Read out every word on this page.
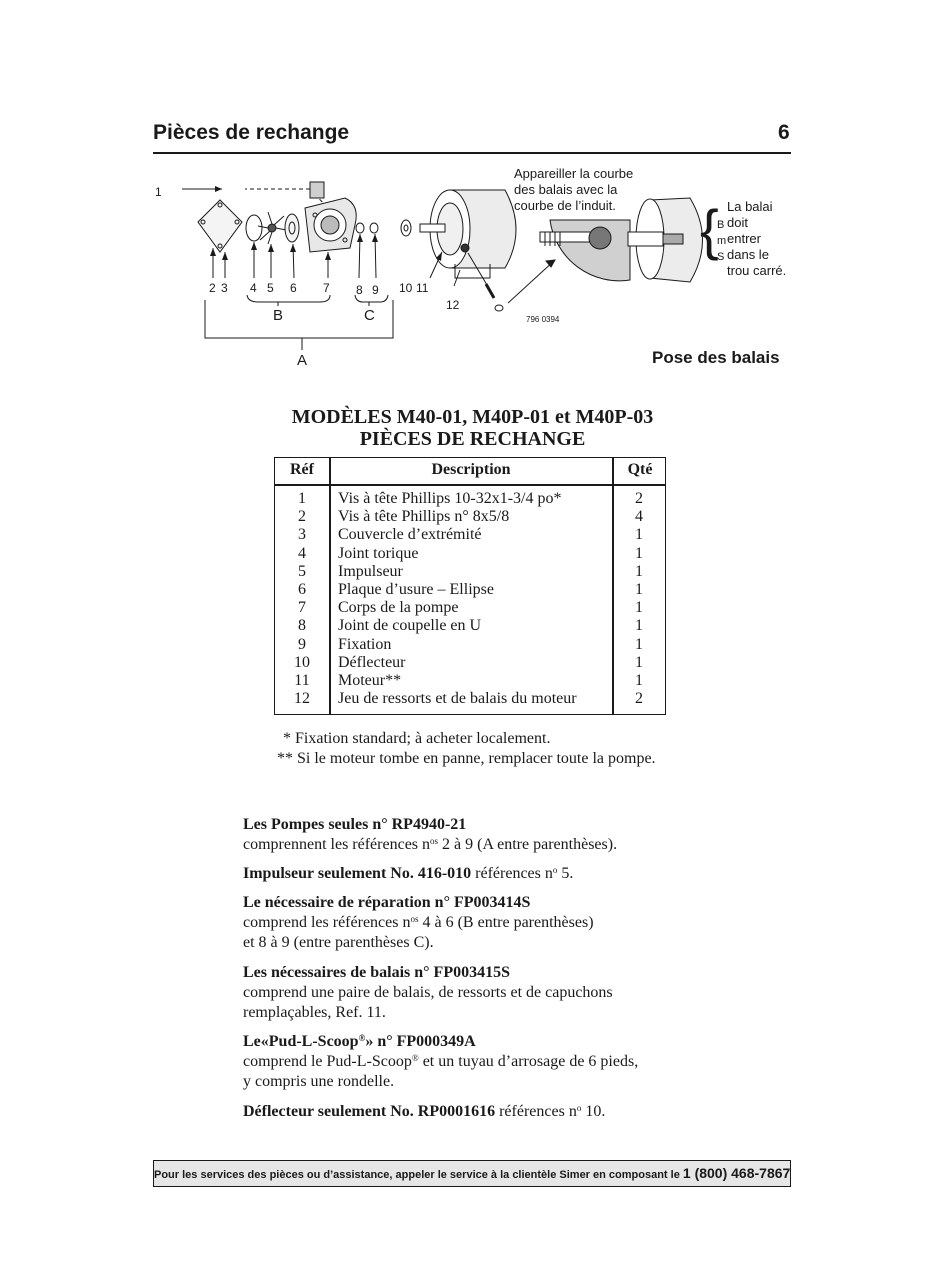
Pièces de rechange	6
1
2 3 4 5 6 7 8 9 10 11
12
A
B	C	796 0394
Appareiller la courbe
des balais avec la
courbe de l’induit.	{
B
m
S
La balai
doit
entrer
dans le
trou carré.
Pose des balais
MODÈLES M40-01, M40P-01 et M40P-03
PIÈCES DE RECHANGE
Réf	Description	Qté
1	Vis à tête Phillips 10-32x1-3/4 po*	2
2	Vis à tête Phillips n° 8x5/8	4
3	Couvercle d’extrémité	1
4	Joint torique	1
5	Impulseur	1
6	Plaque d’usure – Ellipse	1
7	Corps de la pompe	1
8	Joint de coupelle en U	1
9	Fixation	1
10	Déflecteur	1
11	Moteur**	1
12	Jeu de ressorts et de balais du moteur	2
* Fixation standard; à acheter localement.
** Si le moteur tombe en panne, remplacer toute la pompe.
Les Pompes seules n° RP4940-21
comprennent les références $n^{os}$ 2 à 9 (A entre parenthèses).
Impulseur seulement No. 416-010 références $n^o$ 5.
Le nécessaire de réparation n° FP003414S
comprend les références $n^{os}$ 4 à 6 (B entre parenthèses)
et 8 à 9 (entre parenthèses C).
Les nécessaires de balais n° FP003415S
comprend une paire de balais, de ressorts et de capuchons
remplaçables, Ref. 11.
Le«Pud-L-Scoop®» n° FP000349A
comprend le Pud-L-Scoop® et un tuyau d’arrosage de 6 pieds,
y compris une rondelle.
Déflecteur seulement No. RP0001616 références $n^o$ 10.
Pour les services des pièces ou d’assistance, appeler le service à la clientèle Simer en composant le 1 (800) 468-7867
